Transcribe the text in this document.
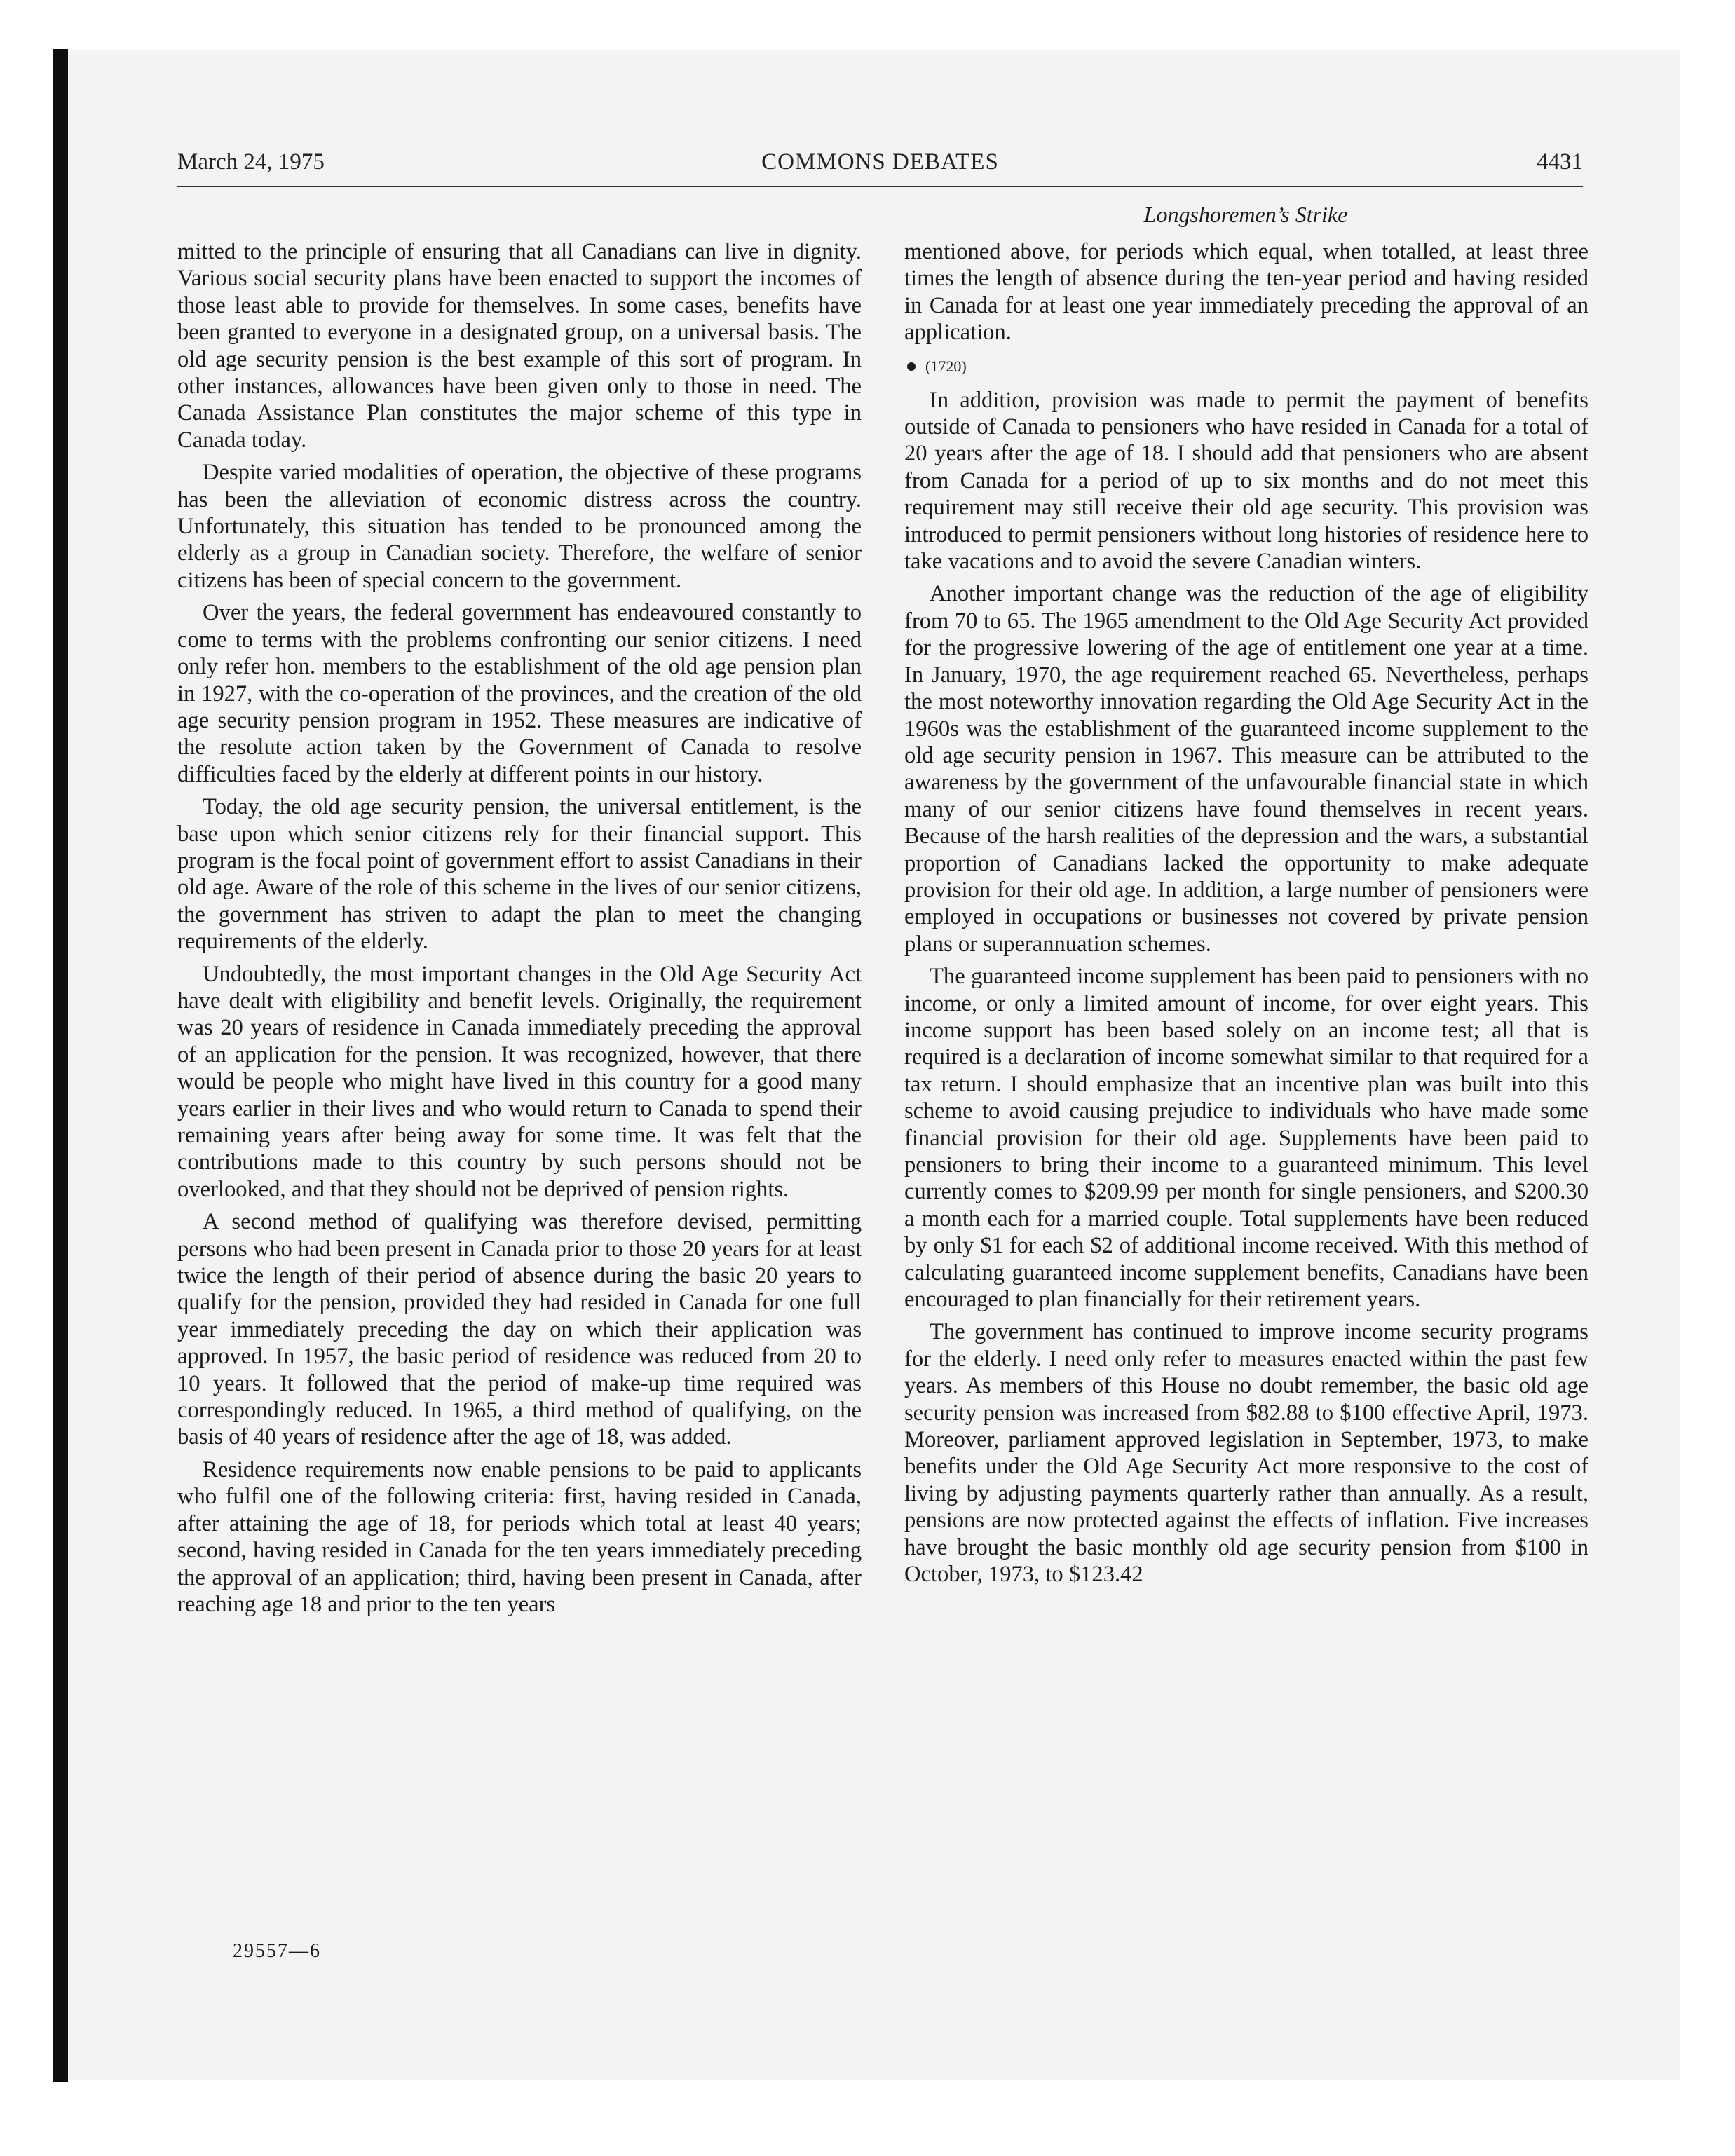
March 24, 1975	COMMONS DEBATES	4431
Longshoremen’s Strike

mitted to the principle of ensuring that all Canadians can live in dignity. Various social security plans have been enacted to support the incomes of those least able to provide for themselves. In some cases, benefits have been granted to everyone in a designated group, on a universal basis. The old age security pension is the best example of this sort of program. In other instances, allowances have been given only to those in need. The Canada Assistance Plan constitutes the major scheme of this type in Canada today.

Despite varied modalities of operation, the objective of these programs has been the alleviation of economic distress across the country. Unfortunately, this situation has tended to be pronounced among the elderly as a group in Canadian society. Therefore, the welfare of senior citizens has been of special concern to the government.

Over the years, the federal government has endeavoured constantly to come to terms with the problems confronting our senior citizens. I need only refer hon. members to the establishment of the old age pension plan in 1927, with the co-operation of the provinces, and the creation of the old age security pension program in 1952. These measures are indicative of the resolute action taken by the Government of Canada to resolve difficulties faced by the elderly at different points in our history.

Today, the old age security pension, the universal entitlement, is the base upon which senior citizens rely for their financial support. This program is the focal point of government effort to assist Canadians in their old age. Aware of the role of this scheme in the lives of our senior citizens, the government has striven to adapt the plan to meet the changing requirements of the elderly.

Undoubtedly, the most important changes in the Old Age Security Act have dealt with eligibility and benefit levels. Originally, the requirement was 20 years of residence in Canada immediately preceding the approval of an application for the pension. It was recognized, however, that there would be people who might have lived in this country for a good many years earlier in their lives and who would return to Canada to spend their remaining years after being away for some time. It was felt that the contributions made to this country by such persons should not be overlooked, and that they should not be deprived of pension rights.

A second method of qualifying was therefore devised, permitting persons who had been present in Canada prior to those 20 years for at least twice the length of their period of absence during the basic 20 years to qualify for the pension, provided they had resided in Canada for one full year immediately preceding the day on which their application was approved. In 1957, the basic period of residence was reduced from 20 to 10 years. It followed that the period of make-up time required was correspondingly reduced. In 1965, a third method of qualifying, on the basis of 40 years of residence after the age of 18, was added.

Residence requirements now enable pensions to be paid to applicants who fulfil one of the following criteria: first, having resided in Canada, after attaining the age of 18, for periods which total at least 40 years; second, having resided in Canada for the ten years immediately preceding the approval of an application; third, having been present in Canada, after reaching age 18 and prior to the ten years

mentioned above, for periods which equal, when totalled, at least three times the length of absence during the ten-year period and having resided in Canada for at least one year immediately preceding the approval of an application.

(1720)

In addition, provision was made to permit the payment of benefits outside of Canada to pensioners who have resided in Canada for a total of 20 years after the age of 18. I should add that pensioners who are absent from Canada for a period of up to six months and do not meet this requirement may still receive their old age security. This provision was introduced to permit pensioners without long histories of residence here to take vacations and to avoid the severe Canadian winters.

Another important change was the reduction of the age of eligibility from 70 to 65. The 1965 amendment to the Old Age Security Act provided for the progressive lowering of the age of entitlement one year at a time. In January, 1970, the age requirement reached 65. Nevertheless, perhaps the most noteworthy innovation regarding the Old Age Security Act in the 1960s was the establishment of the guaranteed income supplement to the old age security pension in 1967. This measure can be attributed to the awareness by the government of the unfavourable financial state in which many of our senior citizens have found themselves in recent years. Because of the harsh realities of the depression and the wars, a substantial proportion of Canadians lacked the opportunity to make adequate provision for their old age. In addition, a large number of pensioners were employed in occupations or businesses not covered by private pension plans or superannuation schemes.

The guaranteed income supplement has been paid to pensioners with no income, or only a limited amount of income, for over eight years. This income support has been based solely on an income test; all that is required is a declaration of income somewhat similar to that required for a tax return. I should emphasize that an incentive plan was built into this scheme to avoid causing prejudice to individuals who have made some financial provision for their old age. Supplements have been paid to pensioners to bring their income to a guaranteed minimum. This level currently comes to $209.99 per month for single pensioners, and $200.30 a month each for a married couple. Total supplements have been reduced by only $1 for each $2 of additional income received. With this method of calculating guaranteed income supplement benefits, Canadians have been encouraged to plan financially for their retirement years.

The government has continued to improve income security programs for the elderly. I need only refer to measures enacted within the past few years. As members of this House no doubt remember, the basic old age security pension was increased from $82.88 to $100 effective April, 1973. Moreover, parliament approved legislation in September, 1973, to make benefits under the Old Age Security Act more responsive to the cost of living by adjusting payments quarterly rather than annually. As a result, pensions are now protected against the effects of inflation. Five increases have brought the basic monthly old age security pension from $100 in October, 1973, to $123.42

29557—6
